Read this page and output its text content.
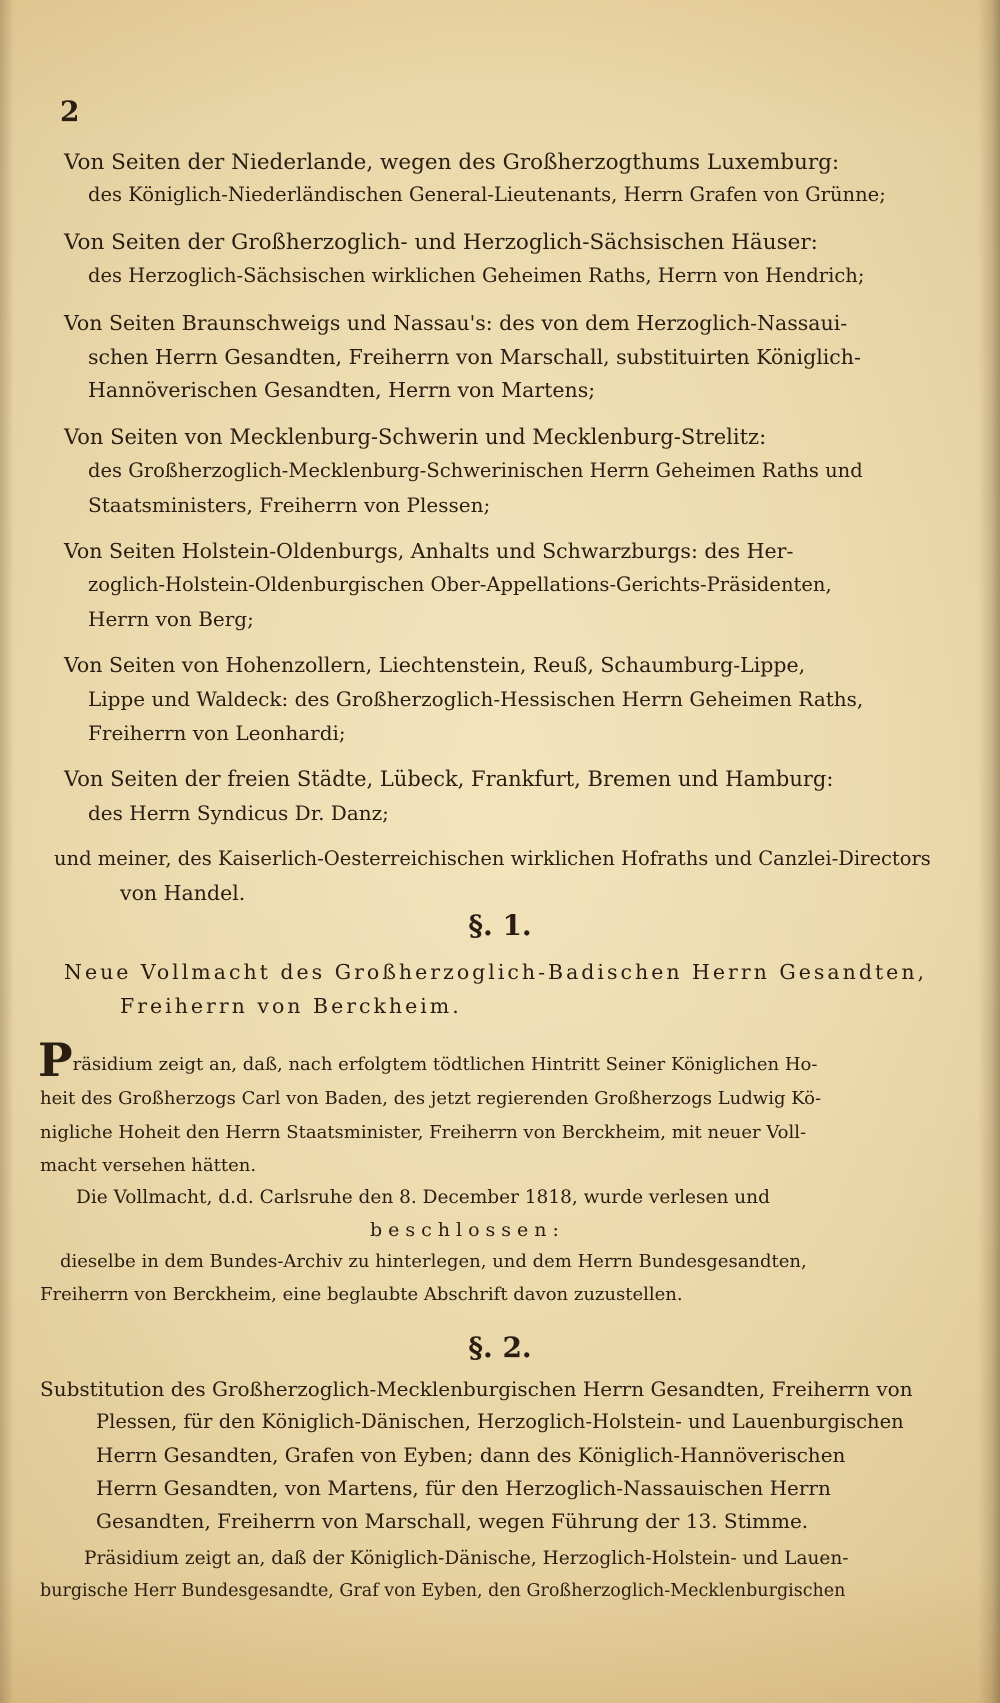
2
Von Seiten der Niederlande, wegen des Großherzogthums Luxemburg:
des Königlich-Niederländischen General-Lieutenants, Herrn Grafen von Grünne;
Von Seiten der Großherzoglich- und Herzoglich-Sächsischen Häuser:
des Herzoglich-Sächsischen wirklichen Geheimen Raths, Herrn von Hendrich;
Von Seiten Braunschweigs und Nassau's: des von dem Herzoglich-Nassaui-
schen Herrn Gesandten, Freiherrn von Marschall, substituirten Königlich-
Hannöverischen Gesandten, Herrn von Martens;
Von Seiten von Mecklenburg-Schwerin und Mecklenburg-Strelitz:
des Großherzoglich-Mecklenburg-Schwerinischen Herrn Geheimen Raths und
Staatsministers, Freiherrn von Plessen;
Von Seiten Holstein-Oldenburgs, Anhalts und Schwarzburgs: des Her-
zoglich-Holstein-Oldenburgischen Ober-Appellations-Gerichts-Präsidenten,
Herrn von Berg;
Von Seiten von Hohenzollern, Liechtenstein, Reuß, Schaumburg-Lippe,
Lippe und Waldeck: des Großherzoglich-Hessischen Herrn Geheimen Raths,
Freiherrn von Leonhardi;
Von Seiten der freien Städte, Lübeck, Frankfurt, Bremen und Hamburg:
des Herrn Syndicus Dr. Danz;
und meiner, des Kaiserlich-Oesterreichischen wirklichen Hofraths und Canzlei-Directors
von Handel.
§. 1.
Neue Vollmacht des Großherzoglich-Badischen Herrn Gesandten,
Freiherrn von Berckheim.
Präsidium zeigt an, daß, nach erfolgtem tödtlichen Hintritt Seiner Königlichen Ho-
heit des Großherzogs Carl von Baden, des jetzt regierenden Großherzogs Ludwig Kö-
nigliche Hoheit den Herrn Staatsminister, Freiherrn von Berckheim, mit neuer Voll-
macht versehen hätten.
Die Vollmacht, d.d. Carlsruhe den 8. December 1818, wurde verlesen und
beschlossen:
dieselbe in dem Bundes-Archiv zu hinterlegen, und dem Herrn Bundesgesandten,
Freiherrn von Berckheim, eine beglaubte Abschrift davon zuzustellen.
§. 2.
Substitution des Großherzoglich-Mecklenburgischen Herrn Gesandten, Freiherrn von
Plessen, für den Königlich-Dänischen, Herzoglich-Holstein- und Lauenburgischen
Herrn Gesandten, Grafen von Eyben; dann des Königlich-Hannöverischen
Herrn Gesandten, von Martens, für den Herzoglich-Nassauischen Herrn
Gesandten, Freiherrn von Marschall, wegen Führung der 13. Stimme.
Präsidium zeigt an, daß der Königlich-Dänische, Herzoglich-Holstein- und Lauen-
burgische Herr Bundesgesandte, Graf von Eyben, den Großherzoglich-Mecklenburgischen
